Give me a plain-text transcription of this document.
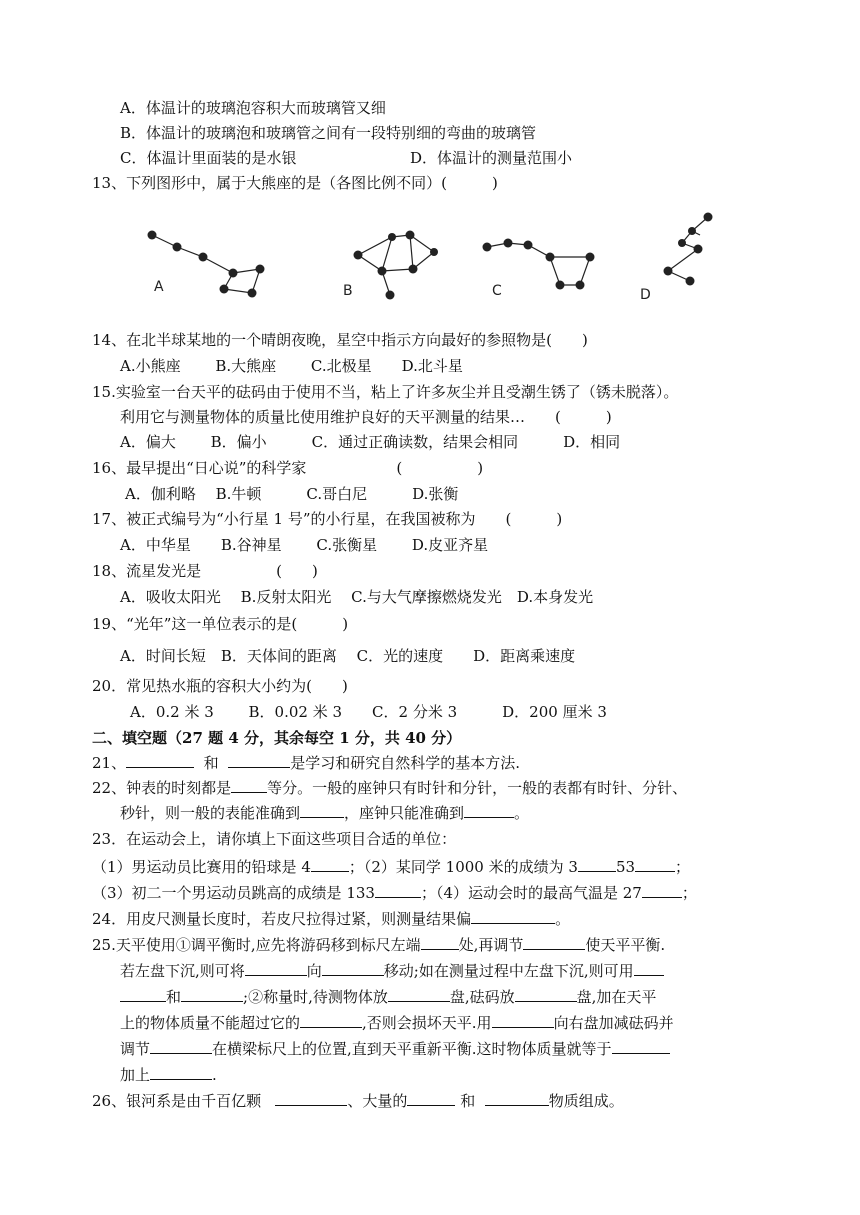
A．体温计的玻璃泡容积大而玻璃管又细
B．体温计的玻璃泡和玻璃管之间有一段特别细的弯曲的玻璃管
C．体温计里面装的是水银	D．体温计的测量范围小
13、下列图形中，属于大熊座的是（各图比例不同）(　　　)
A	B	C	D
14、在北半球某地的一个晴朗夜晚，星空中指示方向最好的参照物是(　　)
A.小熊座　　 B.大熊座　　 C.北极星　　D.北斗星
15.实验室一台天平的砝码由于使用不当，粘上了许多灰尘并且受潮生锈了（锈未脱落）。
利用它与测量物体的质量比使用维护良好的天平测量的结果…　　(　　　)
A．偏大　　 B．偏小　　　C．通过正确读数，结果会相同　　　D．相同
16、最早提出“日心说”的科学家　　　　　　(　　　　　)
A．伽利略　 B.牛顿　　　C.哥白尼　　　D.张衡
17、被正式编号为“小行星 1 号”的小行星，在我国被称为　　(　　　)
A．中华星　　B.谷神星　　 C.张衡星　　 D.皮亚齐星
18、流星发光是　　　　　(　　)
A．吸收太阳光　 B.反射太阳光　 C.与大气摩擦燃烧发光　D.本身发光
19、“光年”这一单位表示的是(　　　)
A．时间长短　B．天体间的距离　 C．光的速度　　D．距离乘速度
20．常见热水瓶的容积大小约为(　　)
A．0.2 米 3　　 B．0.02 米 3　　C．2 分米 3　　　D．200 厘米 3
二、填空题（27 题 4 分，其余每空 1 分，共 40 分）
21、	和	是学习和研究自然科学的基本方法.
22、钟表的时刻都是 等分。一般的座钟只有时针和分针，一般的表都有时针、分针、
秒针，则一般的表能准确到	，座钟只能准确到	。
23．在运动会上，请你填上下面这些项目合适的单位：
（1）男运动员比赛用的铅球是 4	；（2）某同学 1000 米的成绩为 3	53	；
（3）初二一个男运动员跳高的成绩是 133	；（4）运动会时的最高气温是 27	；
24．用皮尺测量长度时，若皮尺拉得过紧，则测量结果偏	。
25.天平使用①调平衡时,应先将游码移到标尺左端	处,再调节	使天平平衡.
若左盘下沉,则可将	向	移动;如在测量过程中左盘下沉,则可用
和	;②称量时,待测物体放	盘,砝码放	盘,加在天平
上的物体质量不能超过它的	,否则会损坏天平.用	向右盘加减砝码并
调节	在横梁标尺上的位置,直到天平重新平衡.这时物体质量就等于
加上	.
26、银河系是由千百亿颗	、大量的	和	物质组成。
